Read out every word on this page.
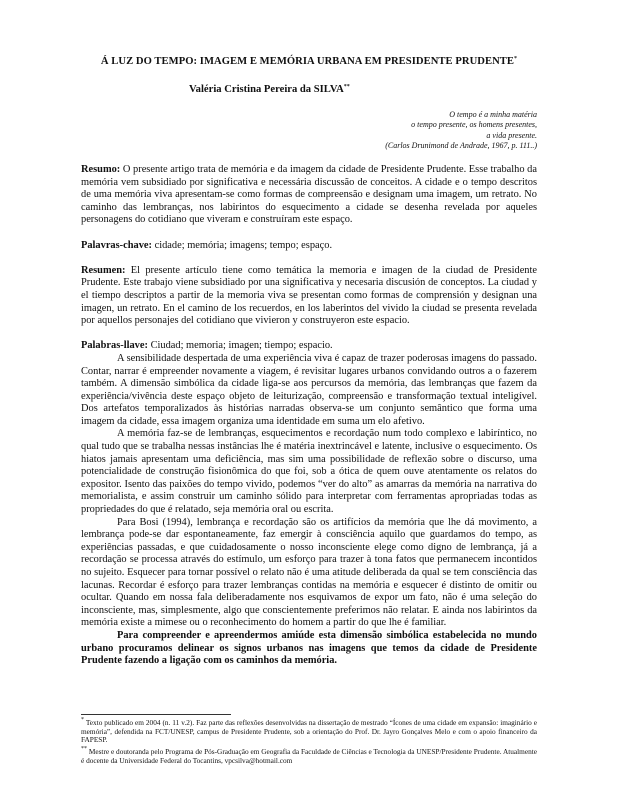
Á LUZ DO TEMPO: IMAGEM E MEMÓRIA URBANA EM PRESIDENTE PRUDENTE*
Valéria Cristina Pereira da SILVA**
O tempo é a minha matéria
o tempo presente, os homens presentes,
a vida presente.
(Carlos Drunimond de Andrade, 1967, p. 111..)

Resumo: O presente artigo trata de memória e da imagem da cidade de Presidente Prudente. Esse trabalho da memória vem subsidiado por significativa e necessária discussão de conceitos. A cidade e o tempo descritos de uma memória viva apresentam-se como formas de compreensão e designam uma imagem, um retrato. No caminho das lembranças, nos labirintos do esquecimento a cidade se desenha revelada por aqueles personagens do cotidiano que viveram e construíram este espaço.

Palavras-chave: cidade; memória; imagens; tempo; espaço.

Resumen: El presente artículo tiene como temática la memoria e imagen de la ciudad de Presidente Prudente. Este trabajo viene subsidiado por una significativa y necesaria discusión de conceptos. La ciudad y el tiempo descriptos a partir de la memoria viva se presentan como formas de comprensión y designan una imagen, un retrato. En el camino de los recuerdos, en los laberintos del vivido la ciudad se presenta revelada por aquellos personajes del cotidiano que vivieron y construyeron este espacio.

Palabras-llave: Ciudad; memoria; imagen; tiempo; espacio.

A sensibilidade despertada de uma experiência viva é capaz de trazer poderosas imagens do passado. Contar, narrar é empreender novamente a viagem, é revisitar lugares urbanos convidando outros a o fazerem também. A dimensão simbólica da cidade liga-se aos percursos da memória, das lembranças que fazem da experiência/vivência deste espaço objeto de leiturização, compreensão e transformação textual inteligível. Dos artefatos temporalizados às histórias narradas observa-se um conjunto semântico que forma uma imagem da cidade, essa imagem organiza uma identidade em suma um elo afetivo.

A memória faz-se de lembranças, esquecimentos e recordação num todo complexo e labiríntico, no qual tudo que se trabalha nessas instâncias lhe é matéria inextrincável e latente, inclusive o esquecimento. Os hiatos jamais apresentam uma deficiência, mas sim uma possibilidade de reflexão sobre o discurso, uma potencialidade de construção fisionômica do que foi, sob a ótica de quem ouve atentamente os relatos do expositor. Isento das paixões do tempo vivido, podemos “ver do alto” as amarras da memória na narrativa do memorialista, e assim construir um caminho sólido para interpretar com ferramentas apropriadas todas as propriedades do que é relatado, seja memória oral ou escrita.

Para Bosi (1994), lembrança e recordação são os artifícios da memória que lhe dá movimento, a lembrança pode-se dar espontaneamente, faz emergir à consciência aquilo que guardamos do tempo, as experiências passadas, e que cuidadosamente o nosso inconsciente elege como digno de lembrança, já a recordação se processa através do estímulo, um esforço para trazer à tona fatos que permanecem incontidos no sujeito. Esquecer para tornar possível o relato não é uma atitude deliberada da qual se tem consciência das lacunas. Recordar é esforço para trazer lembranças contidas na memória e esquecer é distinto de omitir ou ocultar. Quando em nossa fala deliberadamente nos esquivamos de expor um fato, não é uma seleção do inconsciente, mas, simplesmente, algo que conscientemente preferimos não relatar. E ainda nos labirintos da memória existe a mimese ou o reconhecimento do homem a partir do que lhe é familiar.

Para compreender e apreendermos amiúde esta dimensão simbólica estabelecida no mundo urbano procuramos delinear os signos urbanos nas imagens que temos da cidade de Presidente Prudente fazendo a ligação com os caminhos da memória.

* Texto publicado em 2004 (n. 11 v.2). Faz parte das reflexões desenvolvidas na dissertação de mestrado “Ícones de uma cidade em expansão: imaginário e memória”, defendida na FCT/UNESP, campus de Presidente Prudente, sob a orientação do Prof. Dr. Jayro Gonçalves Melo e com o apoio financeiro da FAPESP.

** Mestre e doutoranda pelo Programa de Pós-Graduação em Geografia da Faculdade de Ciências e Tecnologia da UNESP/Presidente Prudente. Atualmente é docente da Universidade Federal do Tocantins, vpcsilva@hotmail.com
